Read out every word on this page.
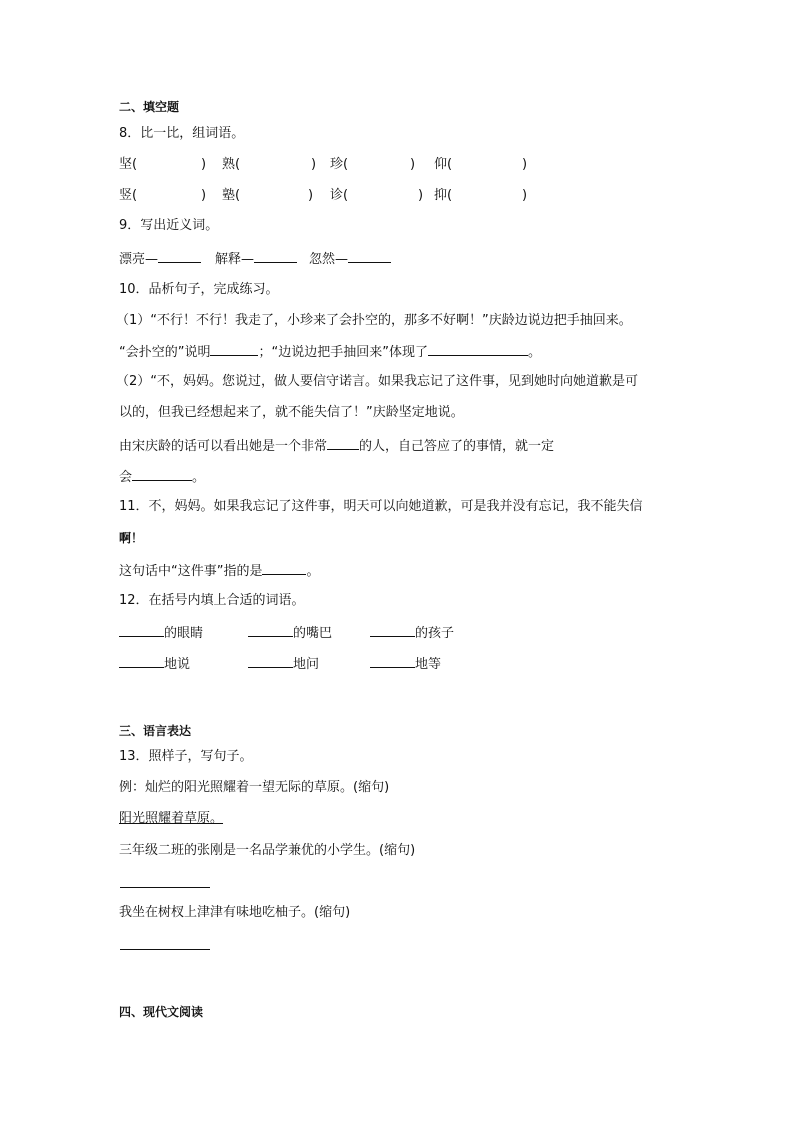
二、填空题
8．比一比，组词语。
坚(	) 熟(	) 珍(	) 仰(	)
竖(	) 塾(	) 诊(	) 抑(	)
9．写出近义词。
漂亮—	解释—	忽然—
10．品析句子，完成练习。
（1）“不行！不行！我走了，小珍来了会扑空的，那多不好啊！”庆龄边说边把手抽回来。
“会扑空的”说明	；“边说边把手抽回来”体现了	。
（2）“不，妈妈。您说过，做人要信守诺言。如果我忘记了这件事，见到她时向她道歉是可
以的，但我已经想起来了，就不能失信了！”庆龄坚定地说。
由宋庆龄的话可以看出她是一个非常 的人，自己答应了的事情，就一定
会	。
11．不，妈妈。如果我忘记了这件事，明天可以向她道歉，可是我并没有忘记，我不能失信
啊！
这句话中“这件事”指的是	。
12．在括号内填上合适的词语。
的眼睛	的嘴巴	的孩子
地说	地问	地等
三、语言表达
13．照样子，写句子。
例：灿烂的阳光照耀着一望无际的草原。(缩句)
阳光照耀着草原。
三年级二班的张刚是一名品学兼优的小学生。(缩句)
我坐在树杈上津津有味地吃柚子。(缩句)
四、现代文阅读
